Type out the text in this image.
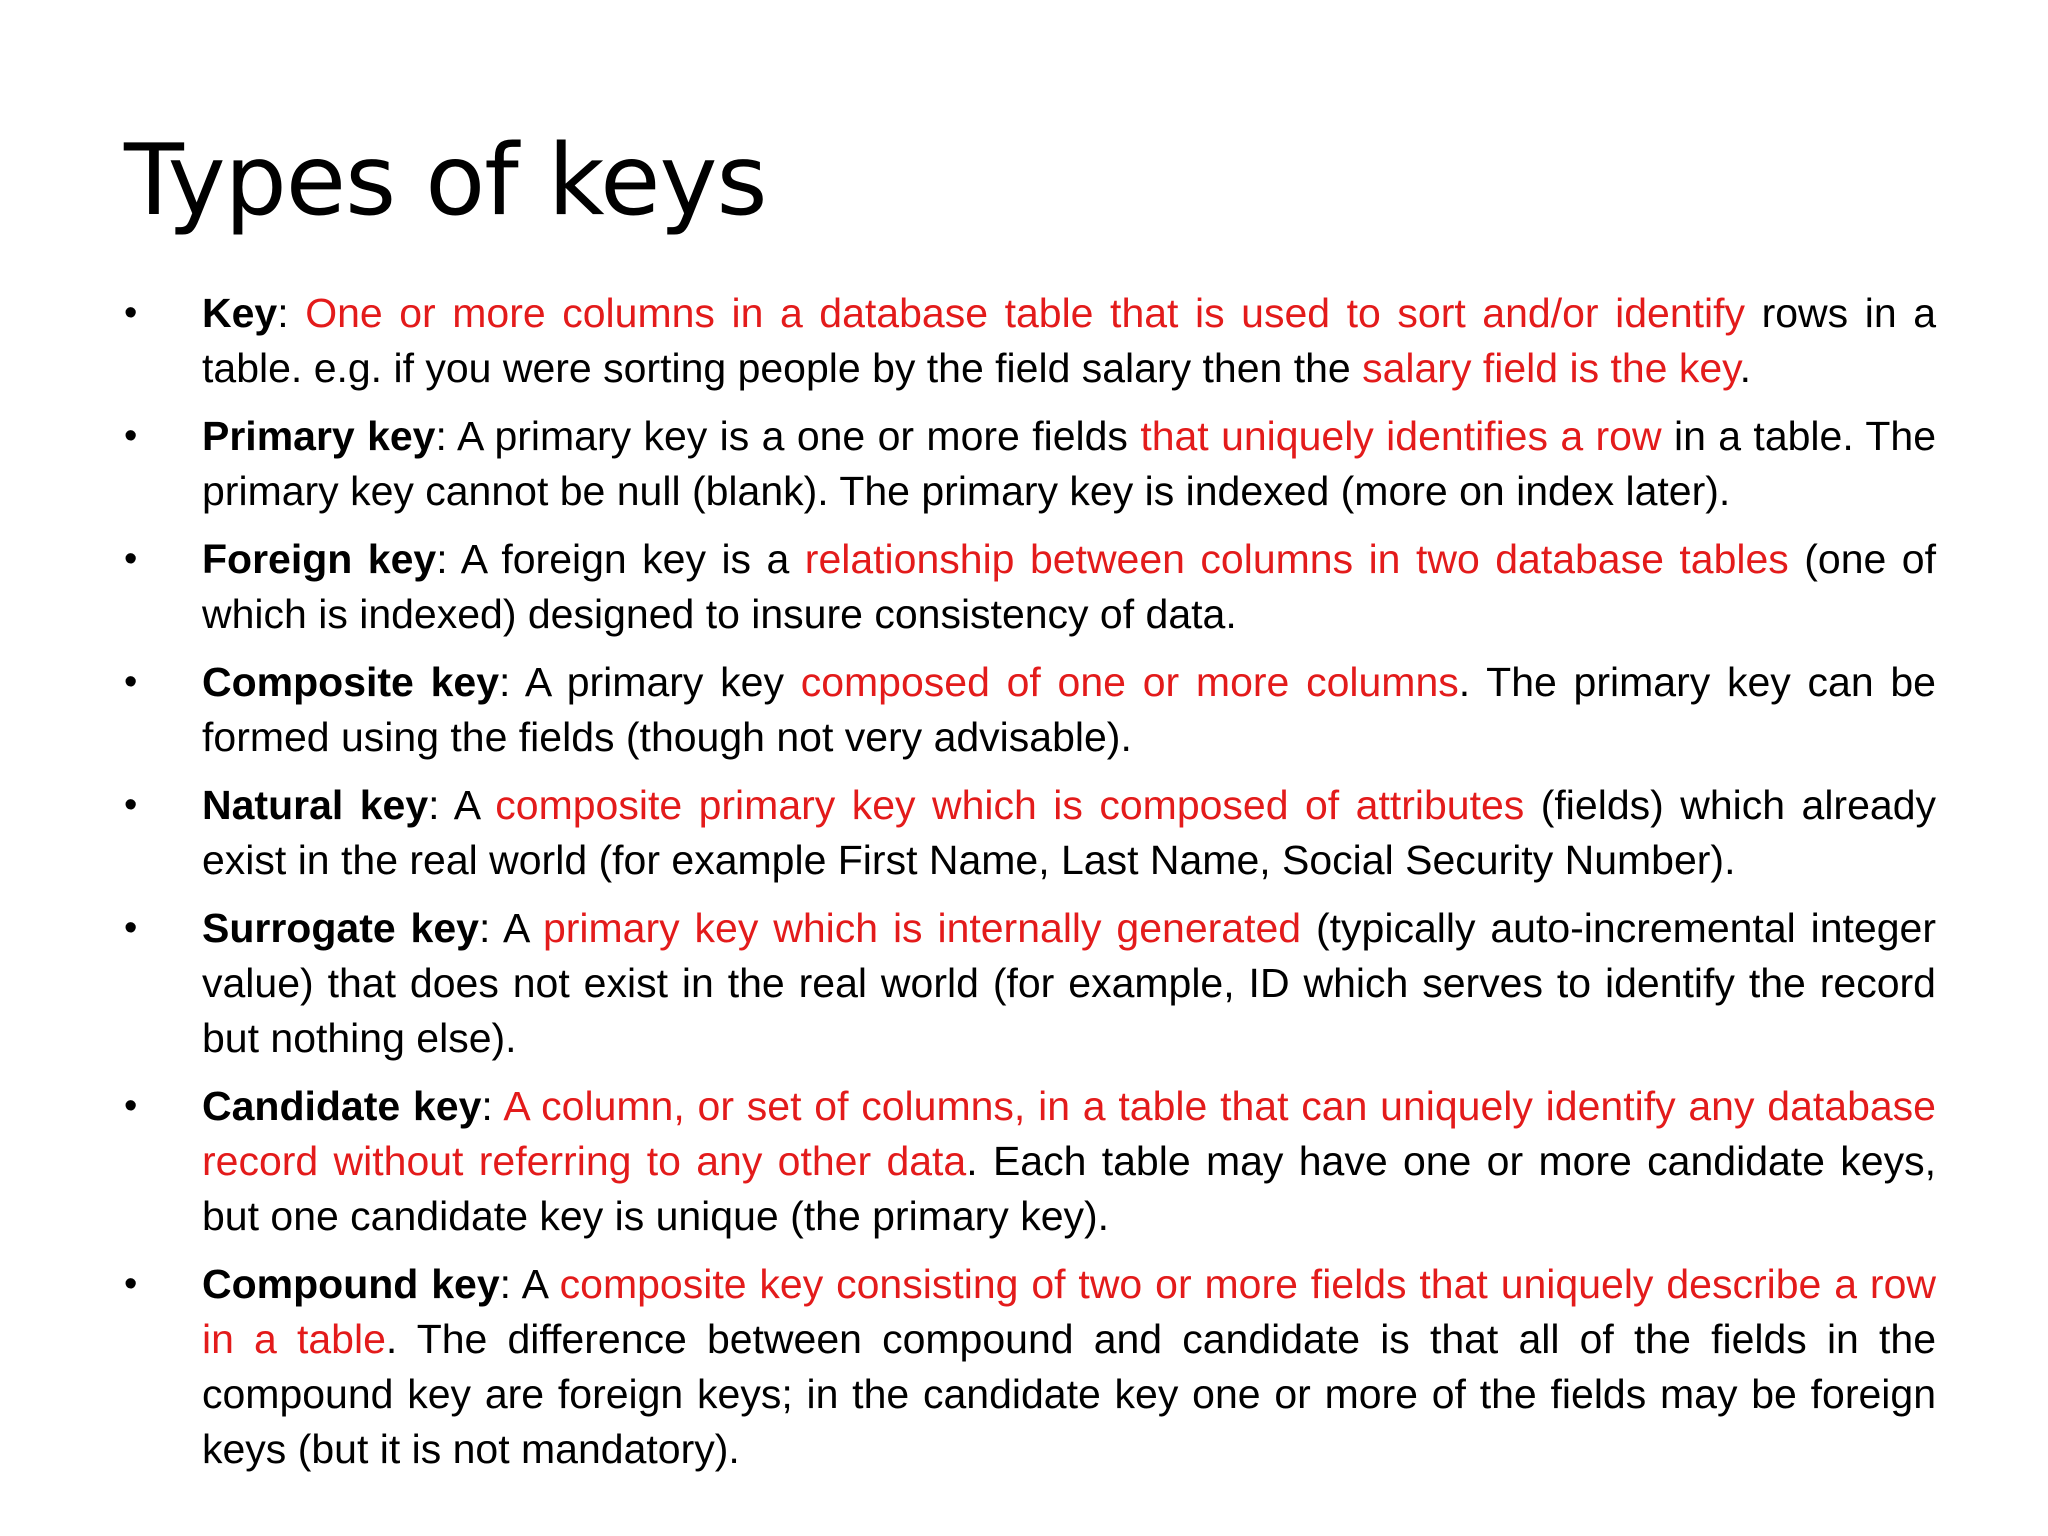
Types of keys
•	Key: One or more columns in a database table that is used to sort and/or identify rows in a table. e.g. if you were sorting people by the field salary then the salary field is the key.
•	Primary key: A primary key is a one or more fields that uniquely identifies a row in a table. The primary key cannot be null (blank). The primary key is indexed (more on index later).
•	Foreign key: A foreign key is a relationship between columns in two database tables (one of which is indexed) designed to insure consistency of data.
•	Composite key: A primary key composed of one or more columns. The primary key can be formed using the fields (though not very advisable).
•	Natural key: A composite primary key which is composed of attributes (fields) which already exist in the real world (for example First Name, Last Name, Social Security Number).
•	Surrogate key: A primary key which is internally generated (typically auto-incremental integer value) that does not exist in the real world (for example, ID which serves to identify the record but nothing else).
•	Candidate key: A column, or set of columns, in a table that can uniquely identify any database record without referring to any other data. Each table may have one or more candidate keys, but one candidate key is unique (the primary key).
•	Compound key: A composite key consisting of two or more fields that uniquely describe a row in a table. The difference between compound and candidate is that all of the fields in the compound key are foreign keys; in the candidate key one or more of the fields may be foreign keys (but it is not mandatory).
